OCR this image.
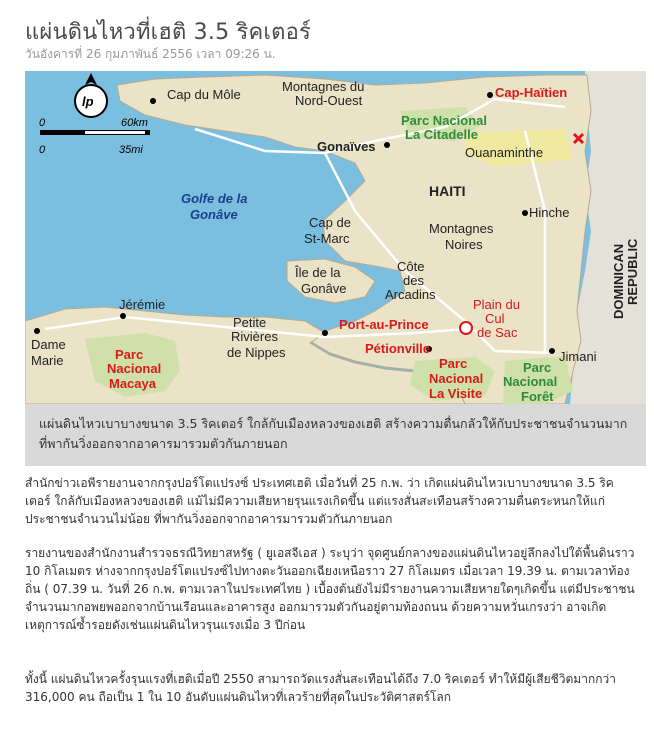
แผ่นดินไหวที่เฮติ 3.5 ริคเตอร์
วันอังคารที่ 26 กุมภาพันธ์ 2556 เวลา 09:26 น.
0	60km
0	35mi
lp	Cap du Môle
Montagnes du
Nord-Ouest
Cap-Haïtien
Parc Nacional
La Citadelle
Ouanaminthe
Gonaïves
HAITI
Golfe de la
Gonâve	Hinche
Cap de
St-Marc
Montagnes
Noires
Île de la
Gonâve
Côte
des
Arcadins	DOMINICAN REPUBLIC
Jérémie
Petite
Rivières
de Nippes
Port-au-Prince
Plain du
Cul
de Sac
Dame
Marie	Parc
Nacional
Macaya
Pétionville
Parc
Nacional
La Visite
Jimani
Parc
Nacional
Forêt
แผ่นดินไหวเบาบางขนาด 3.5 ริคเตอร์ ใกล้กับเมืองหลวงของเฮติ สร้างความตื่นกลัวให้กับประชาชนจำนวนมาก ที่พากันวิ่งออกจากอาคารมารวมตัวกันภายนอก

สำนักข่าวเอพีรายงานจากกรุงปอร์โตแปรงซ์ ประเทศเฮติ เมื่อวันที่ 25 ก.พ. ว่า เกิดแผ่นดินไหวเบาบางขนาด 3.5 ริคเตอร์ ใกล้กับเมืองหลวงของเฮติ แม้ไม่มีความเสียหายรุนแรงเกิดขึ้น แต่แรงสั่นสะเทือนสร้างความตื่นตระหนกให้แก่ประชาชนจำนวนไม่น้อย ที่พากันวิ่งออกจากอาคารมารวมตัวกันภายนอก

รายงานของสำนักงานสำรวจธรณีวิทยาสหรัฐ ( ยูเอสจีเอส ) ระบุว่า จุดศูนย์กลางของแผ่นดินไหวอยู่ลึกลงไปใต้พื้นดินราว 10 กิโลเมตร ห่างจากกรุงปอร์โตแปรงซ์ไปทางตะวันออกเฉียงเหนือราว 27 กิโลเมตร เมื่อเวลา 19.39 น. ตามเวลาท้องถิ่น ( 07.39 น. วันที่ 26 ก.พ. ตามเวลาในประเทศไทย ) เบื้องต้นยังไม่มีรายงานความเสียหายใดๆเกิดขึ้น แต่มีประชาชนจำนวนมากอพยพออกจากบ้านเรือนและอาคารสูง ออกมารวมตัวกันอยู่ตามท้องถนน ด้วยความหวั่นเกรงว่า อาจเกิดเหตุการณ์ซ้ำรอยดังเช่นแผ่นดินไหวรุนแรงเมื่อ 3 ปีก่อน

ทั้งนี้ แผ่นดินไหวครั้งรุนแรงที่เฮติเมื่อปี 2550 สามารถวัดแรงสั่นสะเทือนได้ถึง 7.0 ริคเตอร์ ทำให้มีผู้เสียชีวิตมากกว่า 316,000 คน ถือเป็น 1 ใน 10 อันดับแผ่นดินไหวที่เลวร้ายที่สุดในประวัติศาสตร์โลก
